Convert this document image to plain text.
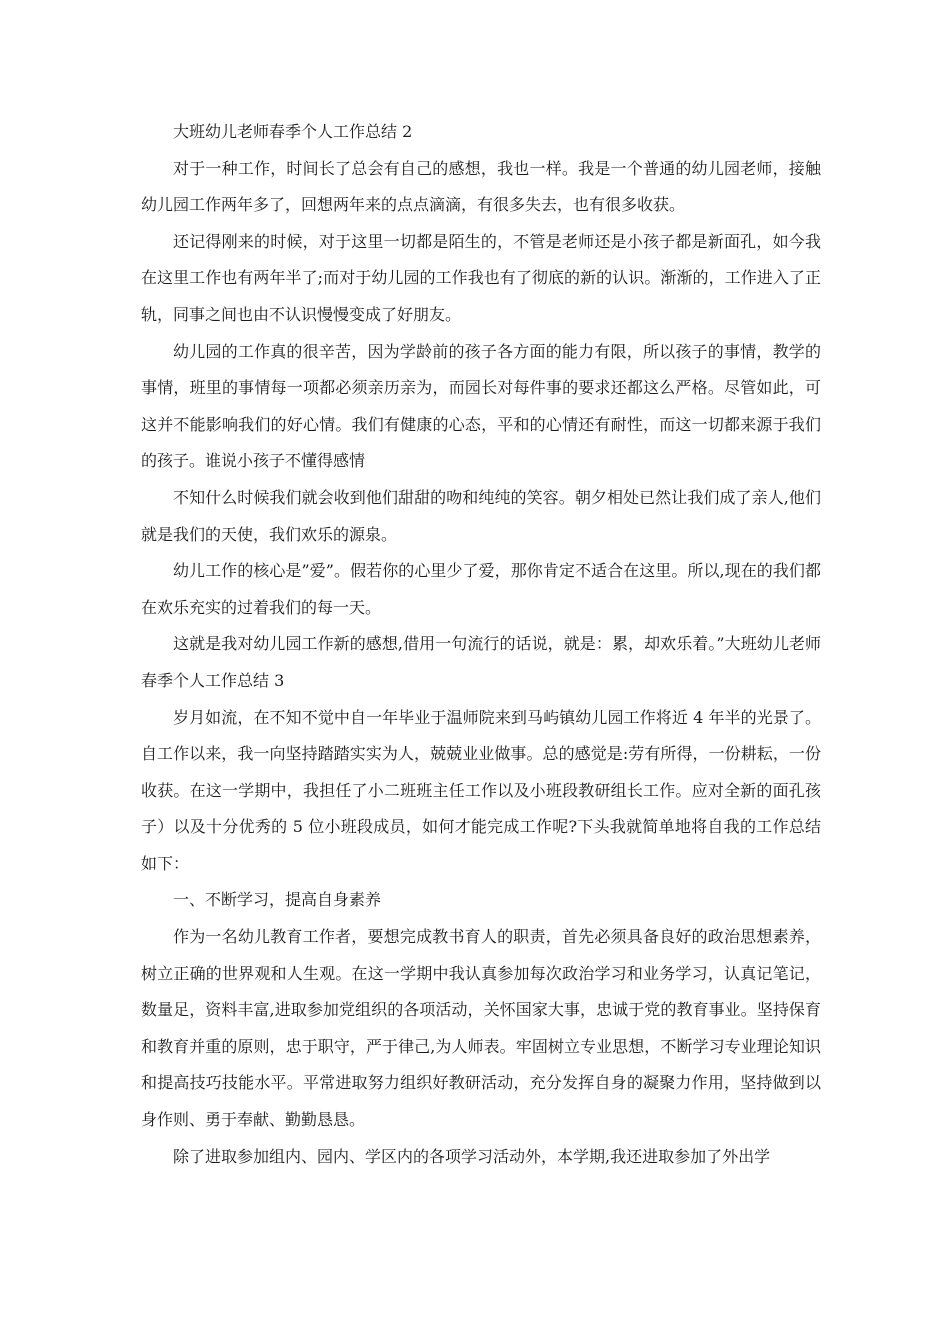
大班幼儿老师春季个人工作总结 2

对于一种工作，时间长了总会有自己的感想，我也一样。我是一个普通的幼儿园老师，接触幼儿园工作两年多了，回想两年来的点点滴滴，有很多失去，也有很多收获。

还记得刚来的时候，对于这里一切都是陌生的，不管是老师还是小孩子都是新面孔，如今我在这里工作也有两年半了;而对于幼儿园的工作我也有了彻底的新的认识。渐渐的，工作进入了正轨，同事之间也由不认识慢慢变成了好朋友。

幼儿园的工作真的很辛苦，因为学龄前的孩子各方面的能力有限，所以孩子的事情，教学的事情，班里的事情每一项都必须亲历亲为，而园长对每件事的要求还都这么严格。尽管如此，可这并不能影响我们的好心情。我们有健康的心态，平和的心情还有耐性，而这一切都来源于我们的孩子。谁说小孩子不懂得感情

不知什么时候我们就会收到他们甜甜的吻和纯纯的笑容。朝夕相处已然让我们成了亲人,他们就是我们的天使，我们欢乐的源泉。

幼儿工作的核心是”爱”。假若你的心里少了爱，那你肯定不适合在这里。所以,现在的我们都在欢乐充实的过着我们的每一天。

这就是我对幼儿园工作新的感想,借用一句流行的话说，就是：累，却欢乐着。”大班幼儿老师春季个人工作总结 3

岁月如流，在不知不觉中自一年毕业于温师院来到马屿镇幼儿园工作将近 4 年半的光景了。自工作以来，我一向坚持踏踏实实为人，兢兢业业做事。总的感觉是:劳有所得，一份耕耘，一份收获。在这一学期中，我担任了小二班班主任工作以及小班段教研组长工作。应对全新的面孔孩子）以及十分优秀的 5 位小班段成员，如何才能完成工作呢?下头我就简单地将自我的工作总结如下：

一、不断学习，提高自身素养

作为一名幼儿教育工作者，要想完成教书育人的职责，首先必须具备良好的政治思想素养，树立正确的世界观和人生观。在这一学期中我认真参加每次政治学习和业务学习，认真记笔记，数量足，资料丰富,进取参加党组织的各项活动，关怀国家大事，忠诚于党的教育事业。坚持保育和教育并重的原则，忠于职守，严于律己,为人师表。牢固树立专业思想，不断学习专业理论知识和提高技巧技能水平。平常进取努力组织好教研活动，充分发挥自身的凝聚力作用，坚持做到以身作则、勇于奉献、勤勤恳恳。

除了进取参加组内、园内、学区内的各项学习活动外，本学期,我还进取参加了外出学
